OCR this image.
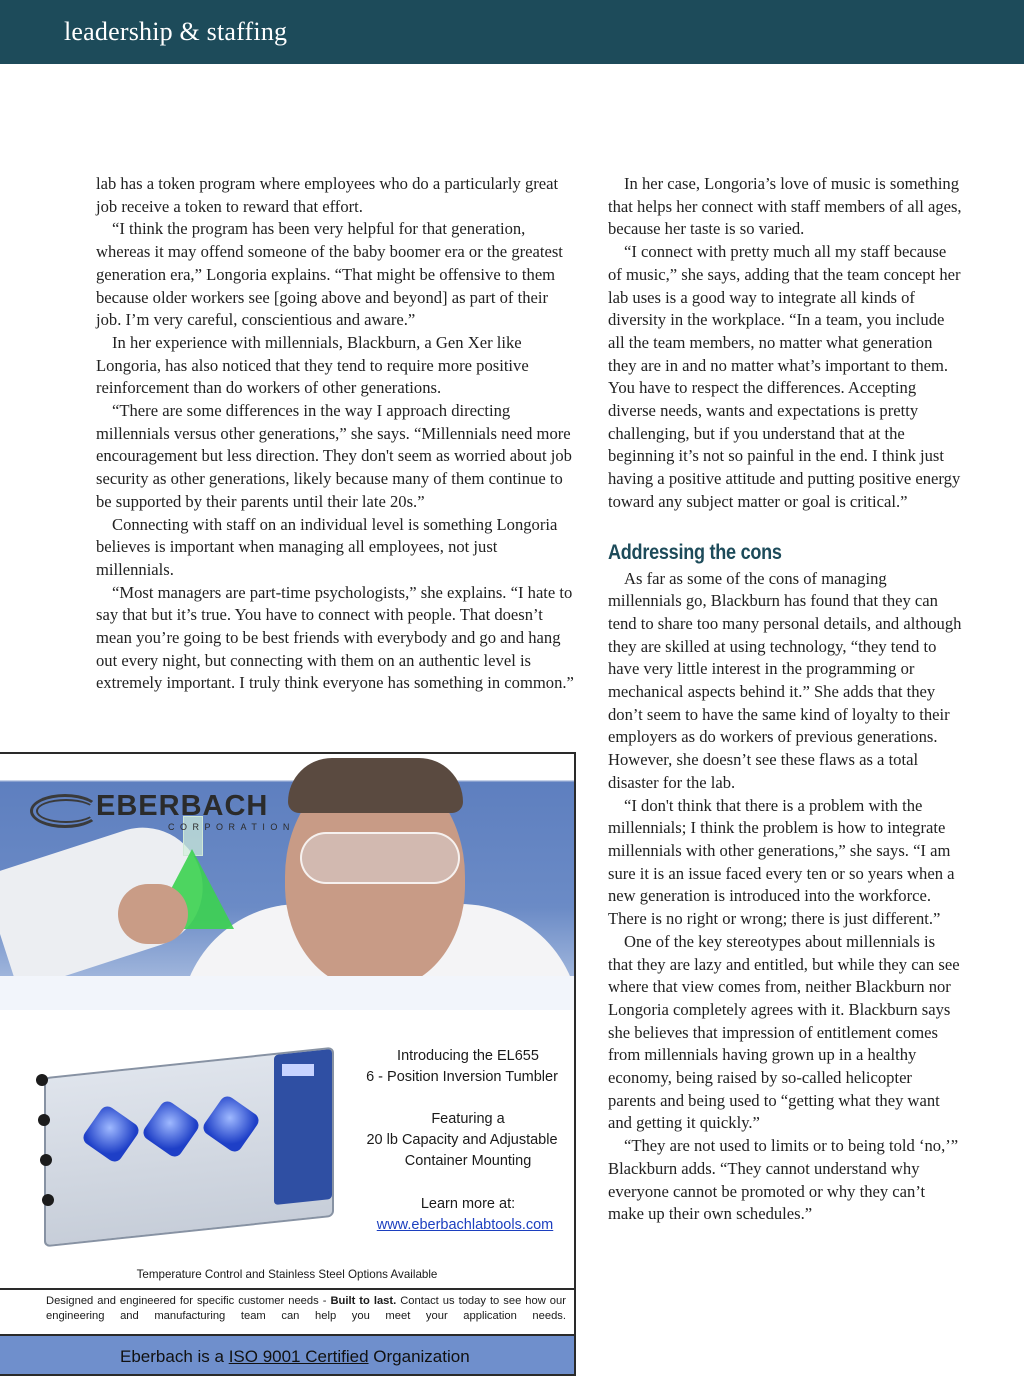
leadership & staffing

lab has a token program where employees who do a particularly great job receive a token to reward that effort.

“I think the program has been very helpful for that generation, whereas it may offend someone of the baby boomer era or the greatest generation era,” Longoria explains. “That might be offensive to them because older workers see [going above and beyond] as part of their job. I’m very careful, conscientious and aware.”

In her experience with millennials, Blackburn, a Gen Xer like Longoria, has also noticed that they tend to require more positive reinforcement than do workers of other generations.

“There are some differences in the way I approach directing millennials versus other generations,” she says. “Millennials need more encouragement but less direction. They don't seem as worried about job security as other generations, likely because many of them continue to be supported by their parents until their late 20s.”

Connecting with staff on an individual level is something Longoria believes is important when managing all employees, not just millennials.

“Most managers are part-time psychologists,” she explains. “I hate to say that but it’s true. You have to connect with people. That doesn’t mean you’re going to be best friends with everybody and go and hang out every night, but connecting with them on an authentic level is extremely important. I truly think everyone has something in common.”

In her case, Longoria’s love of music is something that helps her connect with staff members of all ages, because her taste is so varied.

“I connect with pretty much all my staff because of music,” she says, adding that the team concept her lab uses is a good way to integrate all kinds of diversity in the workplace. “In a team, you include all the team members, no matter what generation they are in and no matter what’s important to them. You have to respect the differences. Accepting diverse needs, wants and expectations is pretty challenging, but if you understand that at the beginning it’s not so painful in the end. I think just having a positive attitude and putting positive energy toward any subject matter or goal is critical.”

Addressing the cons

As far as some of the cons of managing millennials go, Blackburn has found that they can tend to share too many personal details, and although they are skilled at using technology, “they tend to have very little interest in the programming or mechanical aspects behind it.” She adds that they don’t seem to have the same kind of loyalty to their employers as do workers of previous generations. However, she doesn’t see these flaws as a total disaster for the lab.

“I don't think that there is a problem with the millennials; I think the problem is how to integrate millennials with other generations,” she says. “I am sure it is an issue faced every ten or so years when a new generation is introduced into the workforce. There is no right or wrong; there is just different.”

One of the key stereotypes about millennials is that they are lazy and entitled, but while they can see where that view comes from, neither Blackburn nor Longoria completely agrees with it. Blackburn says she believes that impression of entitlement comes from millennials having grown up in a healthy economy, being raised by so-called helicopter parents and being used to “getting what they want and getting it quickly.”

“They are not used to limits or to being told ‘no,’” Blackburn adds. “They cannot understand why everyone cannot be promoted or why they can’t make up their own schedules.”

EBERBACH
CORPORATION
Introducing the EL655
6 - Position Inversion Tumbler
Featuring a
20 lb Capacity and Adjustable
Container Mounting
Learn more at:
www.eberbachlabtools.com
Temperature Control and Stainless Steel Options Available
Designed and engineered for specific customer needs - Built to last. Contact us today to see how our engineering and manufacturing team can help you meet your application needs.
Eberbach is a ISO 9001 Certified Organization
